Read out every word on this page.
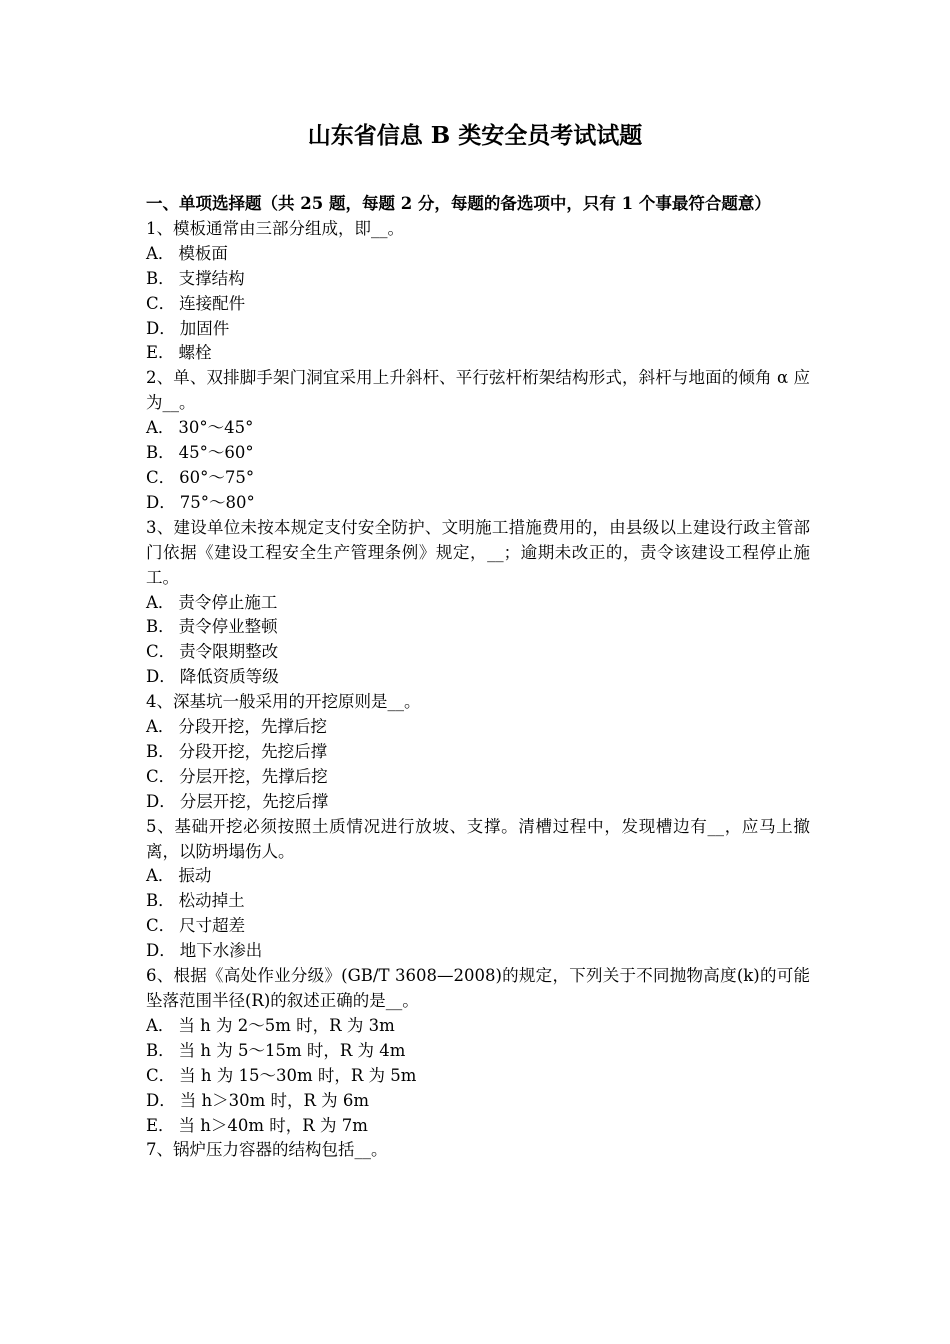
山东省信息 B 类安全员考试试题

一、单项选择题（共 25 题，每题 2 分，每题的备选项中，只有 1 个事最符合题意）

1、模板通常由三部分组成，即__。

A． 模板面

B． 支撑结构

C． 连接配件

D． 加固件

E． 螺栓

2、单、双排脚手架门洞宜采用上升斜杆、平行弦杆桁架结构形式，斜杆与地面的倾角 α 应为__。

A． 30°～45°

B． 45°～60°

C． 60°～75°

D． 75°～80°

3、建设单位未按本规定支付安全防护、文明施工措施费用的，由县级以上建设行政主管部门依据《建设工程安全生产管理条例》规定，__；逾期未改正的，责令该建设工程停止施工。

A． 责令停止施工

B． 责令停业整顿

C． 责令限期整改

D． 降低资质等级

4、深基坑一般采用的开挖原则是__。

A． 分段开挖，先撑后挖

B． 分段开挖，先挖后撑

C． 分层开挖，先撑后挖

D． 分层开挖，先挖后撑

5、基础开挖必须按照土质情况进行放坡、支撑。清槽过程中，发现槽边有__，应马上撤离，以防坍塌伤人。

A． 振动

B． 松动掉土

C． 尺寸超差

D． 地下水渗出

6、根据《高处作业分级》(GB/T 3608—2008)的规定，下列关于不同抛物高度(k)的可能坠落范围半径(R)的叙述正确的是__。

A． 当 h 为 2～5m 时，R 为 3m

B． 当 h 为 5～15m 时，R 为 4m

C． 当 h 为 15～30m 时，R 为 5m

D． 当 h＞30m 时，R 为 6m

E． 当 h＞40m 时，R 为 7m

7、锅炉压力容器的结构包括__。
